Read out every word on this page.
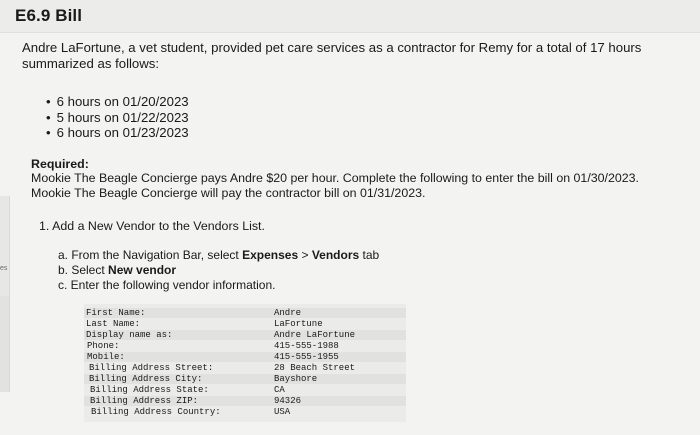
E6.9 Bill
es
Andre LaFortune, a vet student, provided pet care services as a contractor for Remy for a total of 17 hours summarized as follows:
• 6 hours on 01/20/2023
• 5 hours on 01/22/2023
• 6 hours on 01/23/2023
Required:
Mookie The Beagle Concierge pays Andre $20 per hour. Complete the following to enter the bill on 01/30/2023.
Mookie The Beagle Concierge will pay the contractor bill on 01/31/2023.
1. Add a New Vendor to the Vendors List.
a. From the Navigation Bar, select Expenses > Vendors tab
b. Select New vendor
c. Enter the following vendor information.
First Name:	Andre
Last Name:	LaFortune
Display name as:	Andre LaFortune
Phone:	415-555-1988
Mobile:	415-555-1955
Billing Address Street:	28 Beach Street
Billing Address City:	Bayshore
Billing Address State:	CA
Billing Address ZIP:	94326
Billing Address Country:	USA
